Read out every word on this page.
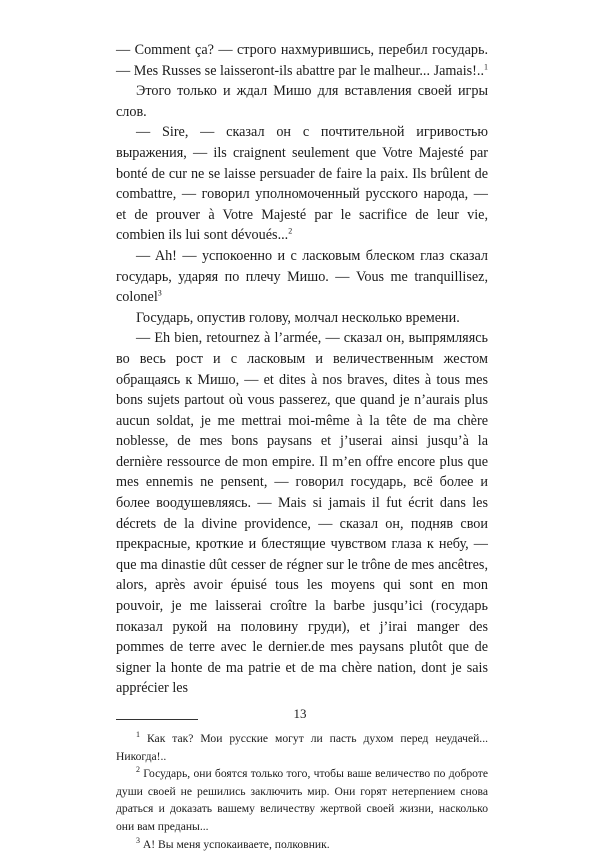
— Comment ça? — строго нахмурившись, перебил государь. — Mes Russes se laisseront-ils abattre par le malheur... Jamais!..$^1$

Этого только и ждал Мишо для вставления своей игры слов.

— Sire, — сказал он с почтительной игривостью выражения, — ils craignent seulement que Votre Majesté par bonté de cur ne se laisse persuader de faire la paix. Ils brûlent de combattre, — говорил уполномоченный русского народа, — et de prouver à Votre Majesté par le sacrifice de leur vie, combien ils lui sont dévoués...$^2$

— Ah! — успокоенно и с ласковым блеском глаз сказал государь, ударяя по плечу Мишо. — Vous me tranquillisez, colonel$^3$

Государь, опустив голову, молчал несколько времени.

— Eh bien, retournez à l’armée, — сказал он, выпрямляясь во весь рост и с ласковым и величественным жестом обращаясь к Мишо, — et dites à nos braves, dites à tous mes bons sujets partout où vous passerez, que quand je n’aurais plus aucun soldat, je me mettrai moi-même à la tête de ma chère noblesse, de mes bons paysans et j’userai ainsi jusqu’à la dernière ressource de mon empire. Il m’en offre encore plus que mes ennemis ne pensent, — говорил государь, всё более и более воодушевляясь. — Mais si jamais il fut écrit dans les décrets de la divine providence, — сказал он, подняв свои прекрасные, кроткие и блестящие чувством глаза к небу, — que ma dinastie dût cesser de régner sur le trône de mes ancêtres, alors, après avoir épuisé tous les moyens qui sont en mon pouvoir, je me laisserai croître la barbe jusqu’ici (государь показал рукой на половину груди), et j’irai manger des pommes de terre avec le dernier.de mes paysans plutôt que de signer la honte de ma patrie et de ma chère nation, dont je sais apprécier les

$^1$ Как так? Мои русские могут ли пасть духом перед неудачей... Никогда!..

$^2$ Государь, они боятся только того, чтобы ваше величество по доброте души своей не решились заключить мир. Они горят нетерпением снова драться и доказать вашему величеству жертвой своей жизни, насколько они вам преданы...

$^3$ А! Вы меня успокаиваете, полковник.

13
